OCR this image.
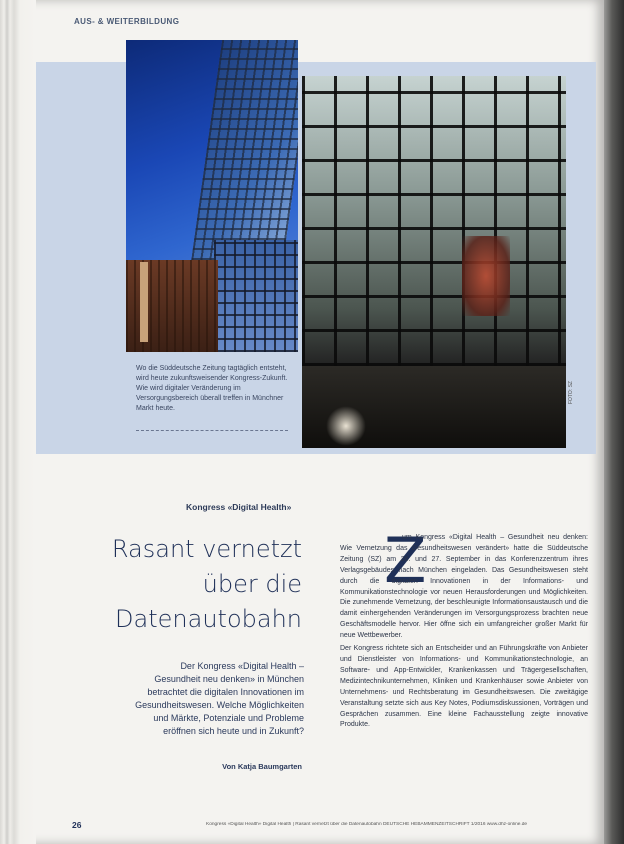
AUS- & WEITERBILDUNG
Wo die Süddeutsche Zeitung tagtäglich entsteht, wird heute zukunftsweisender Kongress-Zukunft. Wie wird digitaler Veränderung im Versorgungsbereich überall treffen in Münchner Markt heute.
FOTO: SZ
Kongress «Digital Health»
Rasant vernetzt
über die
Datenautobahn
Der Kongress «Digital Health – Gesundheit neu denken» in München betrachtet die digitalen Innovationen im Gesundheitswesen. Welche Möglichkeiten und Märkte, Potenziale und Probleme eröffnen sich heute und in Zukunft?
Von Katja Baumgarten
Z

um Kongress «Digital Health – Gesundheit neu denken: Wie Vernetzung das Gesundheitswesen verändert» hatte die Süddeutsche Zeitung (SZ) am 26. und 27. September in das Konferenzzentrum ihres Verlagsgebäudes nach München eingeladen. Das Gesundheitswesen steht durch die digitalen Innovationen in der Informations- und Kommunikationstechnologie vor neuen Herausforderungen und Möglichkeiten. Die zunehmende Vernetzung, der beschleunigte Informationsaustausch und die damit einhergehenden Veränderungen im Versorgungsprozess brachten neue Geschäftsmodelle hervor. Hier öffne sich ein umfangreicher großer Markt für neue Wettbewerber.

Der Kongress richtete sich an Entscheider und an Führungskräfte von Anbieter und Dienstleister von Informations- und Kommunikationstechnologie, an Software- und App-Entwickler, Krankenkassen und Trägergesellschaften, Medizintechnikunternehmen, Kliniken und Krankenhäuser sowie Anbieter von Unternehmens- und Rechtsberatung im Gesundheitswesen. Die zweitägige Veranstaltung setzte sich aus Key Notes, Podiumsdiskussionen, Vorträgen und Gesprächen zusammen. Eine kleine Fachausstellung zeigte innovative Produkte.

26	Kongress «Digital Health» Digital Health | Rasant vernetzt über die Datenautobahn DEUTSCHE HEBAMMENZEITSCHRIFT 1/2016 www.dhz-online.de
